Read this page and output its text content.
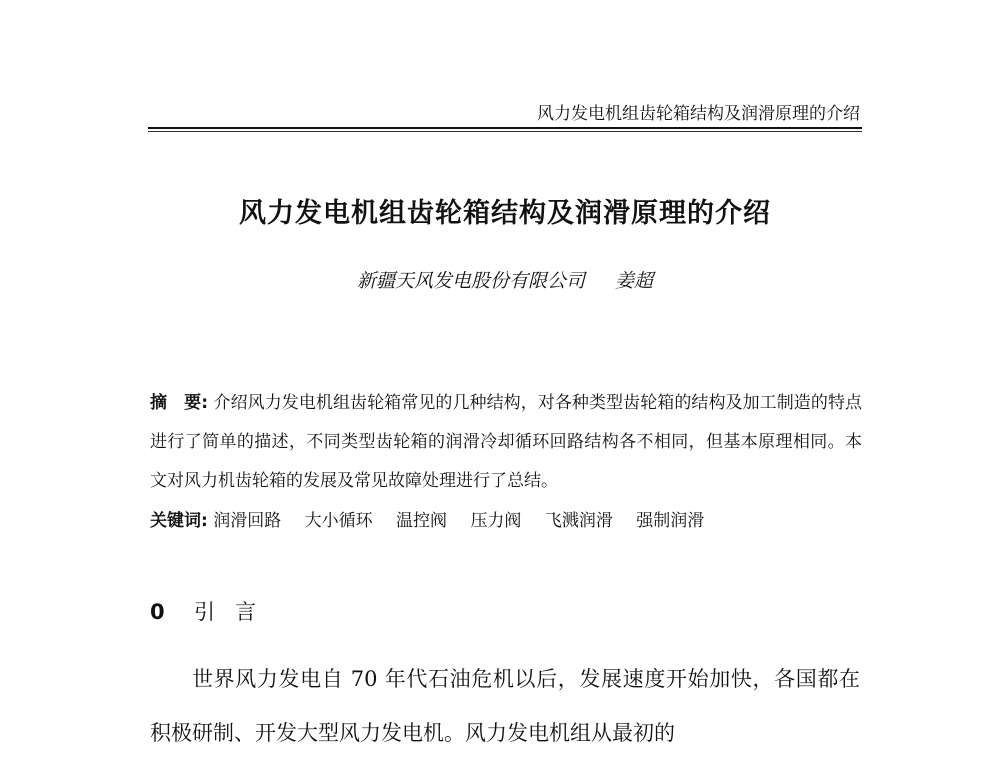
风力发电机组齿轮箱结构及润滑原理的介绍
风力发电机组齿轮箱结构及润滑原理的介绍
新疆天风发电股份有限公司 姜超
摘　要: 介绍风力发电机组齿轮箱常见的几种结构，对各种类型齿轮箱的结构及加工制造的特点进行了简单的描述，不同类型齿轮箱的润滑冷却循环回路结构各不相同，但基本原理相同。本文对风力机齿轮箱的发展及常见故障处理进行了总结。
关键词: 润滑回路 大小循环 温控阀 压力阀 飞溅润滑 强制润滑
0 引言
世界风力发电自 70 年代石油危机以后，发展速度开始加快，各国都在积极研制、开发大型风力发电机。风力发电机组从最初的
